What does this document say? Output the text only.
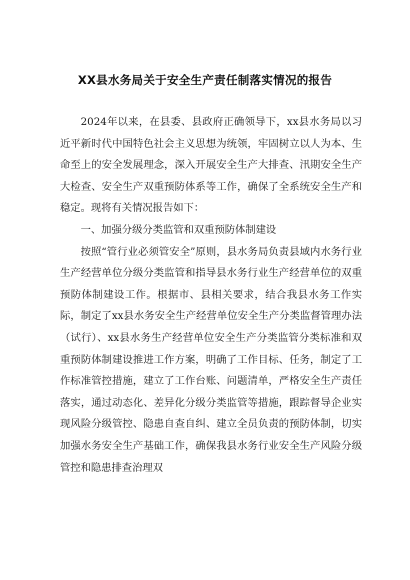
XX县水务局关于安全生产责任制落实情况的报告

2024年以来，在县委、县政府正确领导下，xx县水务局以习近平新时代中国特色社会主义思想为统领，牢固树立以人为本、生命至上的安全发展理念，深入开展安全生产大排查、汛期安全生产大检查、安全生产双重预防体系等工作，确保了全系统安全生产和稳定。现将有关情况报告如下：

一、加强分级分类监管和双重预防体制建设

按照“管行业必须管安全”原则，县水务局负责县域内水务行业生产经营单位分级分类监管和指导县水务行业生产经营单位的双重预防体制建设工作。根据市、县相关要求，结合我县水务工作实际，制定了xx县水务安全生产经营单位安全生产分类监督管理办法（试行）、xx县水务生产经营单位安全生产分类监管分类标准和双重预防体制建设推进工作方案，明确了工作目标、任务，制定了工作标准管控措施，建立了工作台账、问题清单，严格安全生产责任落实，通过动态化、差异化分级分类监管等措施，跟踪督导企业实现风险分级管控、隐患自查自纠、建立全员负责的预防体制，切实加强水务安全生产基础工作，确保我县水务行业安全生产风险分级管控和隐患排查治理双
